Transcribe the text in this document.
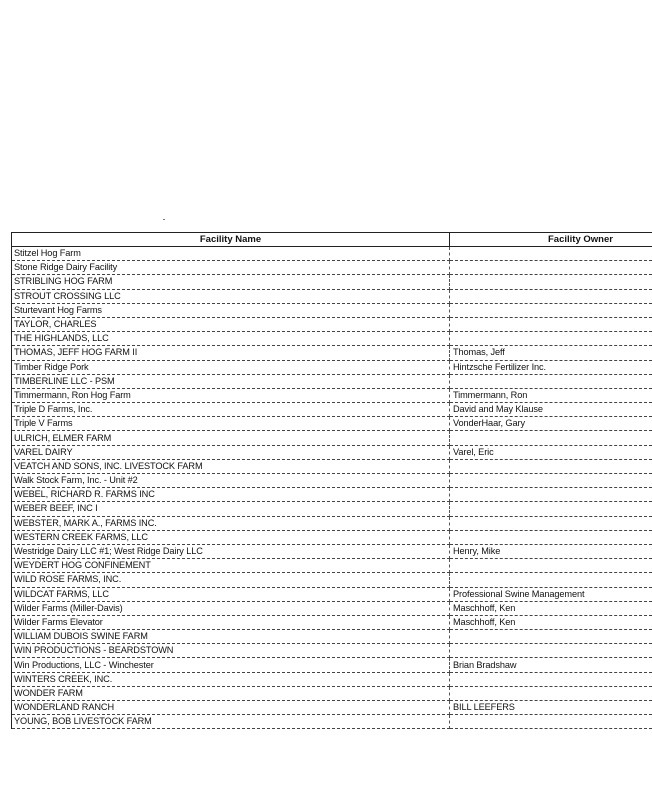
Facility Name	Facility Owner
Stitzel Hog Farm	
Stone Ridge Dairy Facility	
STRIBLING HOG FARM	
STROUT CROSSING LLC	
Sturtevant Hog Farms	
TAYLOR, CHARLES	
THE HIGHLANDS, LLC	
THOMAS, JEFF HOG FARM II	Thomas, Jeff
Timber Ridge Pork	Hintzsche Fertilizer Inc.
TIMBERLINE LLC - PSM	
Timmermann, Ron Hog Farm	Timmermann, Ron
Triple D Farms, Inc.	David and May Klause
Triple V Farms	VonderHaar, Gary
ULRICH, ELMER FARM	
VAREL DAIRY	Varel, Eric
VEATCH AND SONS, INC. LIVESTOCK FARM	
Walk Stock Farm, Inc. - Unit #2	
WEBEL, RICHARD R. FARMS INC	
WEBER BEEF, INC I	
WEBSTER, MARK A., FARMS INC.	
WESTERN CREEK FARMS, LLC	
Westridge Dairy LLC #1; West Ridge Dairy LLC	Henry, Mike
WEYDERT HOG CONFINEMENT	
WILD ROSE FARMS, INC.	
WILDCAT FARMS, LLC	Professional Swine Management
Wilder Farms (Miller-Davis)	Maschhoff, Ken
Wilder Farms Elevator	Maschhoff, Ken
WILLIAM DUBOIS SWINE FARM	
WIN PRODUCTIONS - BEARDSTOWN	
Win Productions, LLC - Winchester	Brian Bradshaw
WINTERS CREEK, INC.	
WONDER FARM	
WONDERLAND RANCH	BILL LEEFERS
YOUNG, BOB LIVESTOCK FARM	
